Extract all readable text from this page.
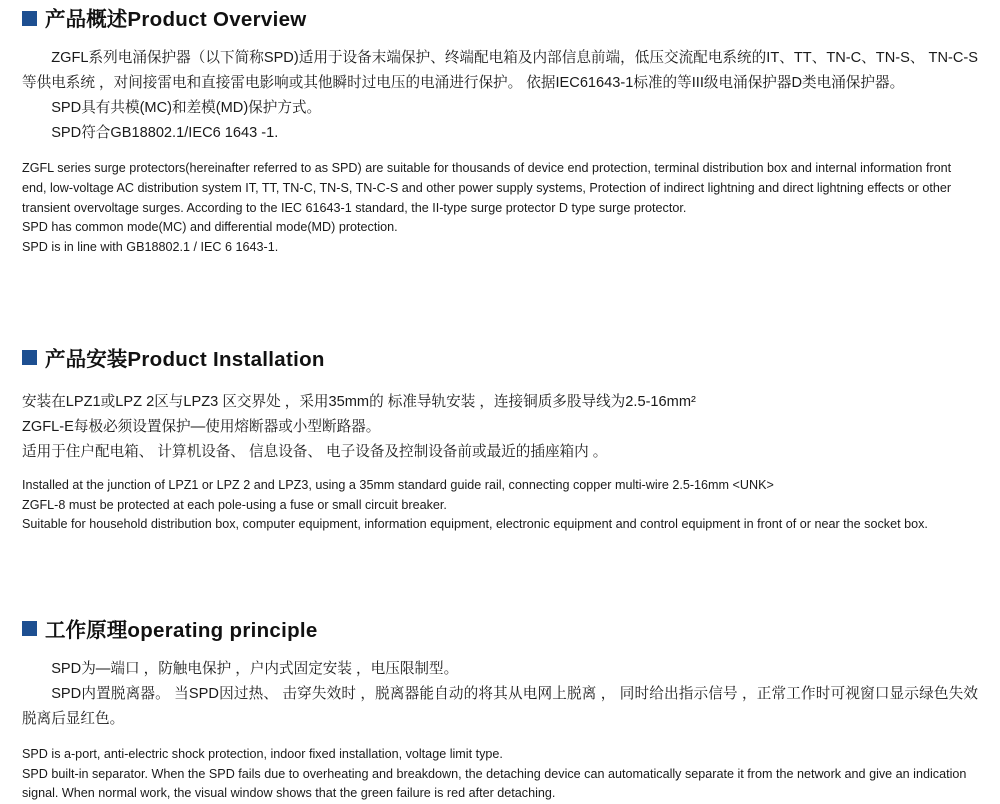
产品概述Product Overview
ZGFL系列电涌保护器（以下简称SPD)适用于设备末端保护、终端配电箱及内部信息前端，低压交流配电系统的IT、TT、TN-C、TN-S、 TN-C-S等供电系统 ，对间接雷电和直接雷电影响或其他瞬时过电压的电涌进行保护。 依据IEC61643-1标准的等III级电涌保护器D类电涌保护器。
SPD具有共模(MC)和差模(MD)保护方式。
SPD符合GB18802.1/IEC6 1643 -1.

ZGFL series surge protectors(hereinafter referred to as SPD) are suitable for thousands of device end protection, terminal distribution box and internal information front end, low-voltage AC distribution system IT, TT, TN-C, TN-S, TN-C-S and other power supply systems, Protection of indirect lightning and direct lightning effects or other transient overvoltage surges. According to the IEC 61643-1 standard, the II-type surge protector D type surge protector.

SPD has common mode(MC) and differential mode(MD) protection.

SPD is in line with GB18802.1 / IEC 6 1643-1.

产品安装Product Installation
安装在LPZ1或LPZ 2区与LPZ3 区交界处 ，采用35mm的 标准导轨安装 ，连接铜质多股导线为2.5-16mm²
ZGFL-E每极必须设置保护—使用熔断器或小型断路器。
适用于住户配电箱、 计算机设备、 信息设备、 电子设备及控制设备前或最近的插座箱内 。

Installed at the junction of LPZ1 or LPZ 2 and LPZ3, using a 35mm standard guide rail, connecting copper multi-wire 2.5-16mm <UNK>

ZGFL-8 must be protected at each pole-using a fuse or small circuit breaker.

Suitable for household distribution box, computer equipment, information equipment, electronic equipment and control equipment in front of or near the socket box.

工作原理operating principle
SPD为—端口 ，防触电保护 ，户内式固定安装 ，电压限制型。
SPD内置脱离器。 当SPD因过热、 击穿失效时 ，脱离器能自动的将其从电网上脱离 ， 同时给出指示信号 ，正常工作时可视窗口显示绿色失效脱离后显红色。

SPD is a-port, anti-electric shock protection, indoor fixed installation, voltage limit type.

SPD built-in separator. When the SPD fails due to overheating and breakdown, the detaching device can automatically separate it from the network and give an indication signal. When normal work, the visual window shows that the green failure is red after detaching.
